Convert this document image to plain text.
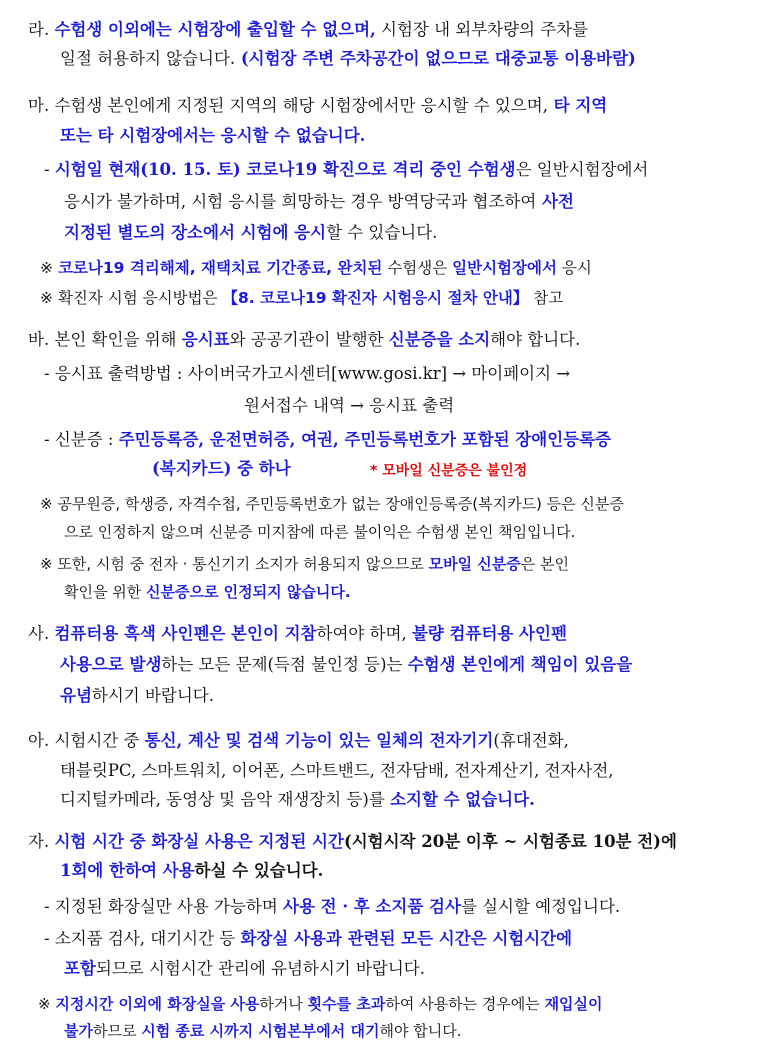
라. 수험생 이외에는 시험장에 출입할 수 없으며, 시험장 내 외부차량의 주차를
일절 허용하지 않습니다. (시험장 주변 주차공간이 없으므로 대중교통 이용바람)
마. 수험생 본인에게 지정된 지역의 해당 시험장에서만 응시할 수 있으며, 타 지역
또는 타 시험장에서는 응시할 수 없습니다.
- 시험일 현재(10. 15. 토) 코로나19 확진으로 격리 중인 수험생은 일반시험장에서
응시가 불가하며, 시험 응시를 희망하는 경우 방역당국과 협조하여 사전
지정된 별도의 장소에서 시험에 응시할 수 있습니다.
※ 코로나19 격리해제, 재택치료 기간종료, 완치된 수험생은 일반시험장에서 응시
※ 확진자 시험 응시방법은 【8. 코로나19 확진자 시험응시 절차 안내】 참고
바. 본인 확인을 위해 응시표와 공공기관이 발행한 신분증을 소지해야 합니다.
- 응시표 출력방법 : 사이버국가고시센터[www.gosi.kr] → 마이페이지 →
원서접수 내역 → 응시표 출력
- 신분증 : 주민등록증, 운전면허증, 여권, 주민등록번호가 포함된 장애인등록증
(복지카드) 중 하나	* 모바일 신분증은 불인정
※ 공무원증, 학생증, 자격수첩, 주민등록번호가 없는 장애인등록증(복지카드) 등은 신분증
으로 인정하지 않으며 신분증 미지참에 따른 불이익은 수험생 본인 책임입니다.
※ 또한, 시험 중 전자 · 통신기기 소지가 허용되지 않으므로 모바일 신분증은 본인
확인을 위한 신분증으로 인정되지 않습니다.
사. 컴퓨터용 흑색 사인펜은 본인이 지참하여야 하며, 불량 컴퓨터용 사인펜
사용으로 발생하는 모든 문제(득점 불인정 등)는 수험생 본인에게 책임이 있음을
유념하시기 바랍니다.
아. 시험시간 중 통신, 계산 및 검색 기능이 있는 일체의 전자기기(휴대전화,
태블릿PC, 스마트워치, 이어폰, 스마트밴드, 전자담배, 전자계산기, 전자사전,
디지털카메라, 동영상 및 음악 재생장치 등)를 소지할 수 없습니다.
자. 시험 시간 중 화장실 사용은 지정된 시간(시험시작 20분 이후 ~ 시험종료 10분 전)에
1회에 한하여 사용하실 수 있습니다.
- 지정된 화장실만 사용 가능하며 사용 전 · 후 소지품 검사를 실시할 예정입니다.
- 소지품 검사, 대기시간 등 화장실 사용과 관련된 모든 시간은 시험시간에
포함되므로 시험시간 관리에 유념하시기 바랍니다.
※ 지정시간 이외에 화장실을 사용하거나 횟수를 초과하여 사용하는 경우에는 재입실이
불가하므로 시험 종료 시까지 시험본부에서 대기해야 합니다.
